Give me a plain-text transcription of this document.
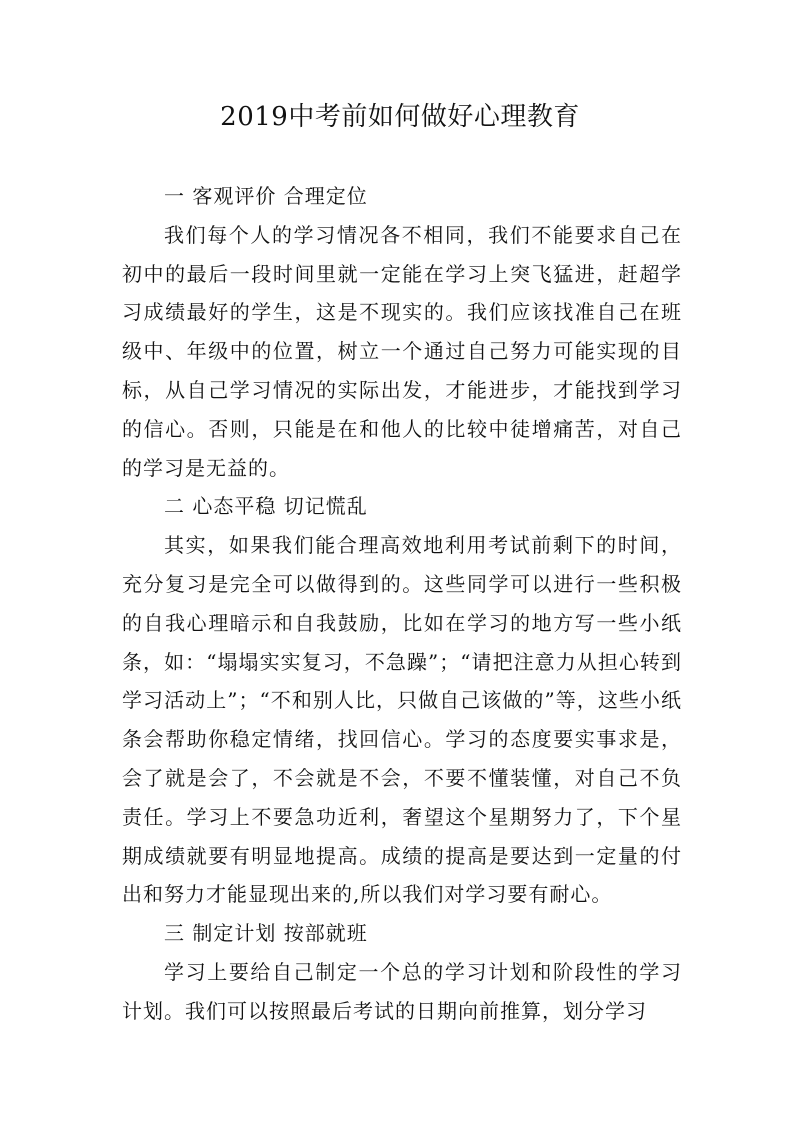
2019中考前如何做好心理教育

一 客观评价 合理定位

我们每个人的学习情况各不相同，我们不能要求自己在初中的最后一段时间里就一定能在学习上突飞猛进，赶超学习成绩最好的学生，这是不现实的。我们应该找准自己在班级中、年级中的位置，树立一个通过自己努力可能实现的目标，从自己学习情况的实际出发，才能进步，才能找到学习的信心。否则，只能是在和他人的比较中徒增痛苦，对自己的学习是无益的。

二 心态平稳 切记慌乱

其实，如果我们能合理高效地利用考试前剩下的时间，充分复习是完全可以做得到的。这些同学可以进行一些积极的自我心理暗示和自我鼓励，比如在学习的地方写一些小纸条，如：“塌塌实实复习，不急躁”；“请把注意力从担心转到学习活动上”；“不和别人比，只做自己该做的”等，这些小纸条会帮助你稳定情绪，找回信心。学习的态度要实事求是，会了就是会了，不会就是不会，不要不懂装懂，对自己不负责任。学习上不要急功近利，奢望这个星期努力了，下个星期成绩就要有明显地提高。成绩的提高是要达到一定量的付出和努力才能显现出来的,所以我们对学习要有耐心。

三 制定计划 按部就班

学习上要给自己制定一个总的学习计划和阶段性的学习计划。我们可以按照最后考试的日期向前推算，划分学习
